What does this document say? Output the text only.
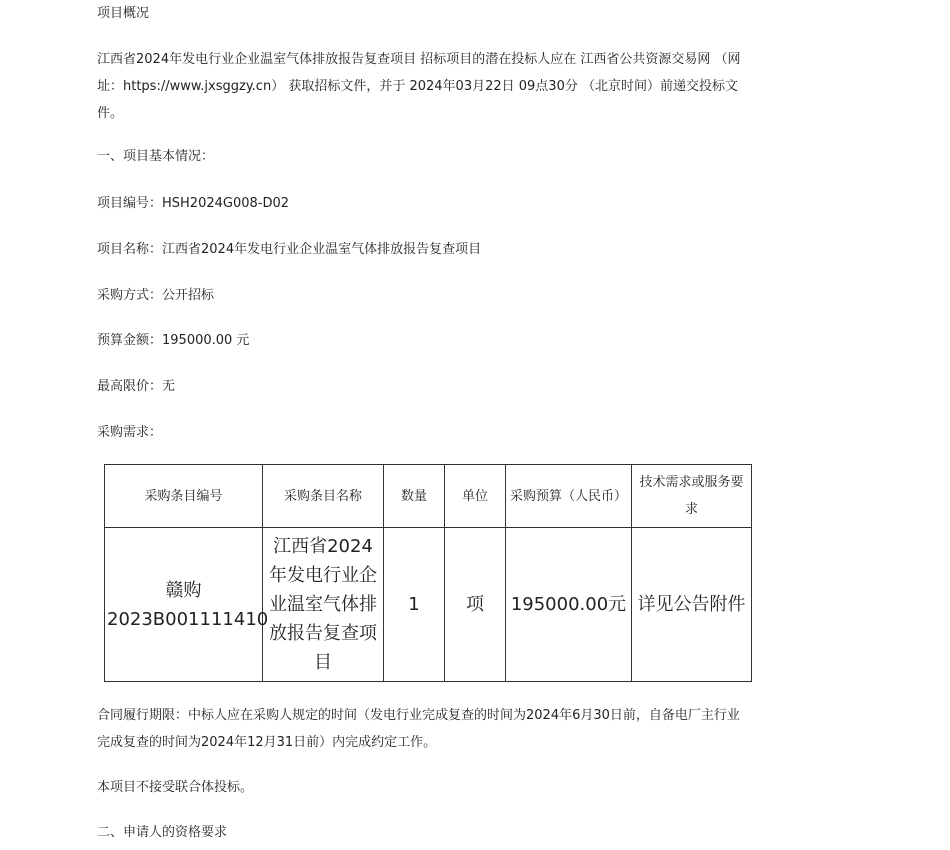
项目概况

江西省2024年发电行业企业温室气体排放报告复查项目 招标项目的潜在投标人应在 江西省公共资源交易网 （网址：https://www.jxsggzy.cn） 获取招标文件，并于 2024年03月22日 09点30分 （北京时间）前递交投标文件。

一、项目基本情况：

项目编号：HSH2024G008-D02

项目名称：江西省2024年发电行业企业温室气体排放报告复查项目

采购方式：公开招标

预算金额：195000.00 元

最高限价：无

采购需求：

采购条目编号	采购条目名称	数量	单位	采购预算（人民币）	技术需求或服务要求
赣购2023B001111410	江西省2024年发电行业企业温室气体排放报告复查项目	1	项	195000.00元	详见公告附件

合同履行期限：中标人应在采购人规定的时间（发电行业完成复查的时间为2024年6月30日前，自备电厂主行业完成复查的时间为2024年12月31日前）内完成约定工作。

本项目不接受联合体投标。

二、申请人的资格要求
